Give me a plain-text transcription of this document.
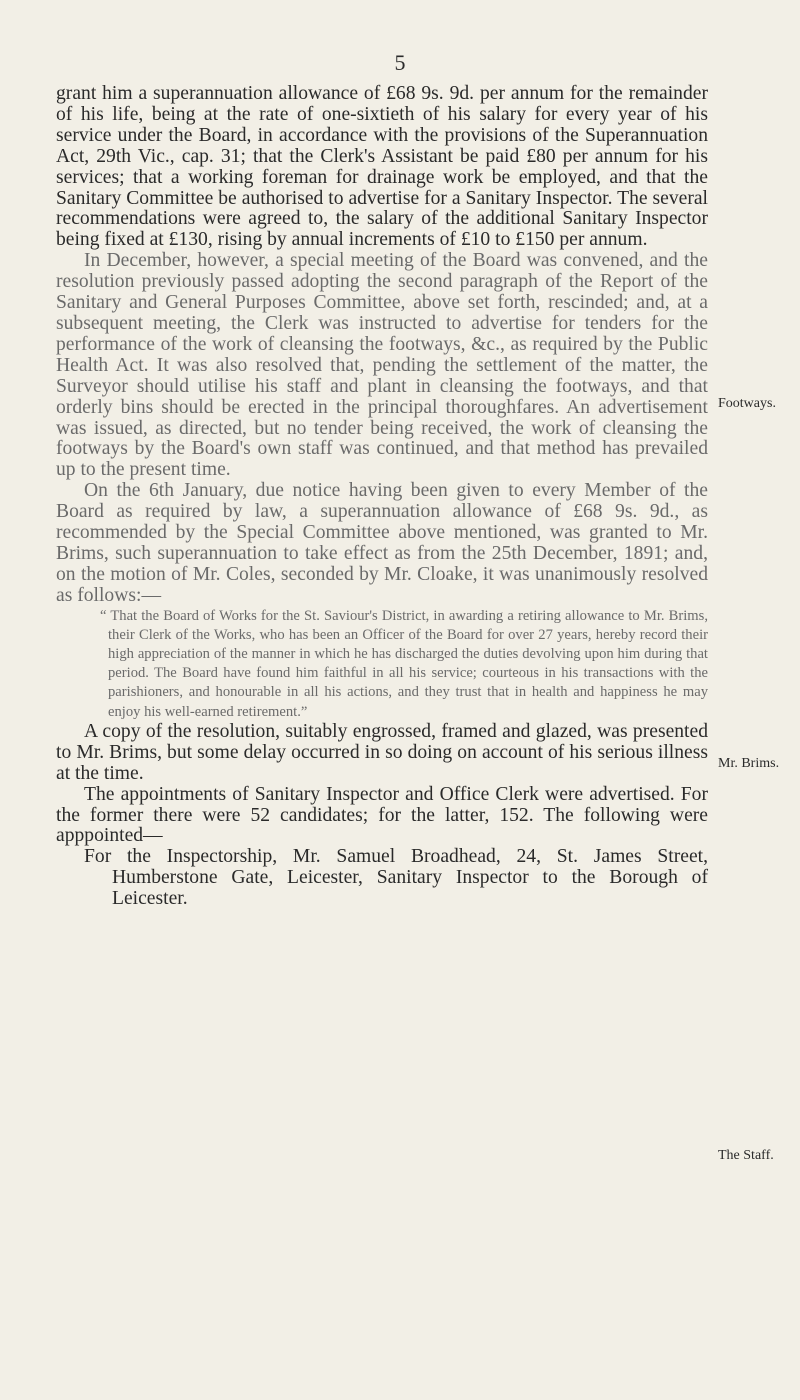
5

grant him a superannuation allowance of £68 9s. 9d. per annum for the remainder of his life, being at the rate of one-sixtieth of his salary for every year of his service under the Board, in accordance with the provisions of the Superannuation Act, 29th Vic., cap. 31; that the Clerk's Assistant be paid £80 per annum for his services; that a working foreman for drainage work be employed, and that the Sanitary Committee be authorised to advertise for a Sanitary Inspector. The several recommendations were agreed to, the salary of the additional Sanitary Inspector being fixed at £130, rising by annual increments of £10 to £150 per annum.

In December, however, a special meeting of the Board was convened, and the resolution previously passed adopting the second paragraph of the Report of the Sanitary and General Purposes Committee, above set forth, rescinded; and, at a subsequent meeting, the Clerk was instructed to advertise for tenders for the performance of the work of cleansing the footways, &c., as required by the Public Health Act. It was also resolved that, pending the settlement of the matter, the Surveyor should utilise his staff and plant in cleansing the footways, and that orderly bins should be erected in the principal thoroughfares. An advertisement was issued, as directed, but no tender being received, the work of cleansing the footways by the Board's own staff was continued, and that method has prevailed up to the present time.

On the 6th January, due notice having been given to every Member of the Board as required by law, a superannuation allowance of £68 9s. 9d., as recommended by the Special Committee above mentioned, was granted to Mr. Brims, such superannuation to take effect as from the 25th December, 1891; and, on the motion of Mr. Coles, seconded by Mr. Cloake, it was unanimously resolved as follows:—

“ That the Board of Works for the St. Saviour's District, in awarding a retiring allowance to Mr. Brims, their Clerk of the Works, who has been an Officer of the Board for over 27 years, hereby record their high appreciation of the manner in which he has discharged the duties devolving upon him during that period. The Board have found him faithful in all his service; courteous in his transactions with the parishioners, and honourable in all his actions, and they trust that in health and happiness he may enjoy his well-earned retirement.”

A copy of the resolution, suitably engrossed, framed and glazed, was presented to Mr. Brims, but some delay occurred in so doing on account of his serious illness at the time.

The appointments of Sanitary Inspector and Office Clerk were advertised. For the former there were 52 candidates; for the latter, 152. The following were apppointed—

For the Inspectorship, Mr. Samuel Broadhead, 24, St. James Street, Humberstone Gate, Leicester, Sanitary Inspector to the Borough of Leicester.

Footways.
Mr. Brims.
The Staff.
